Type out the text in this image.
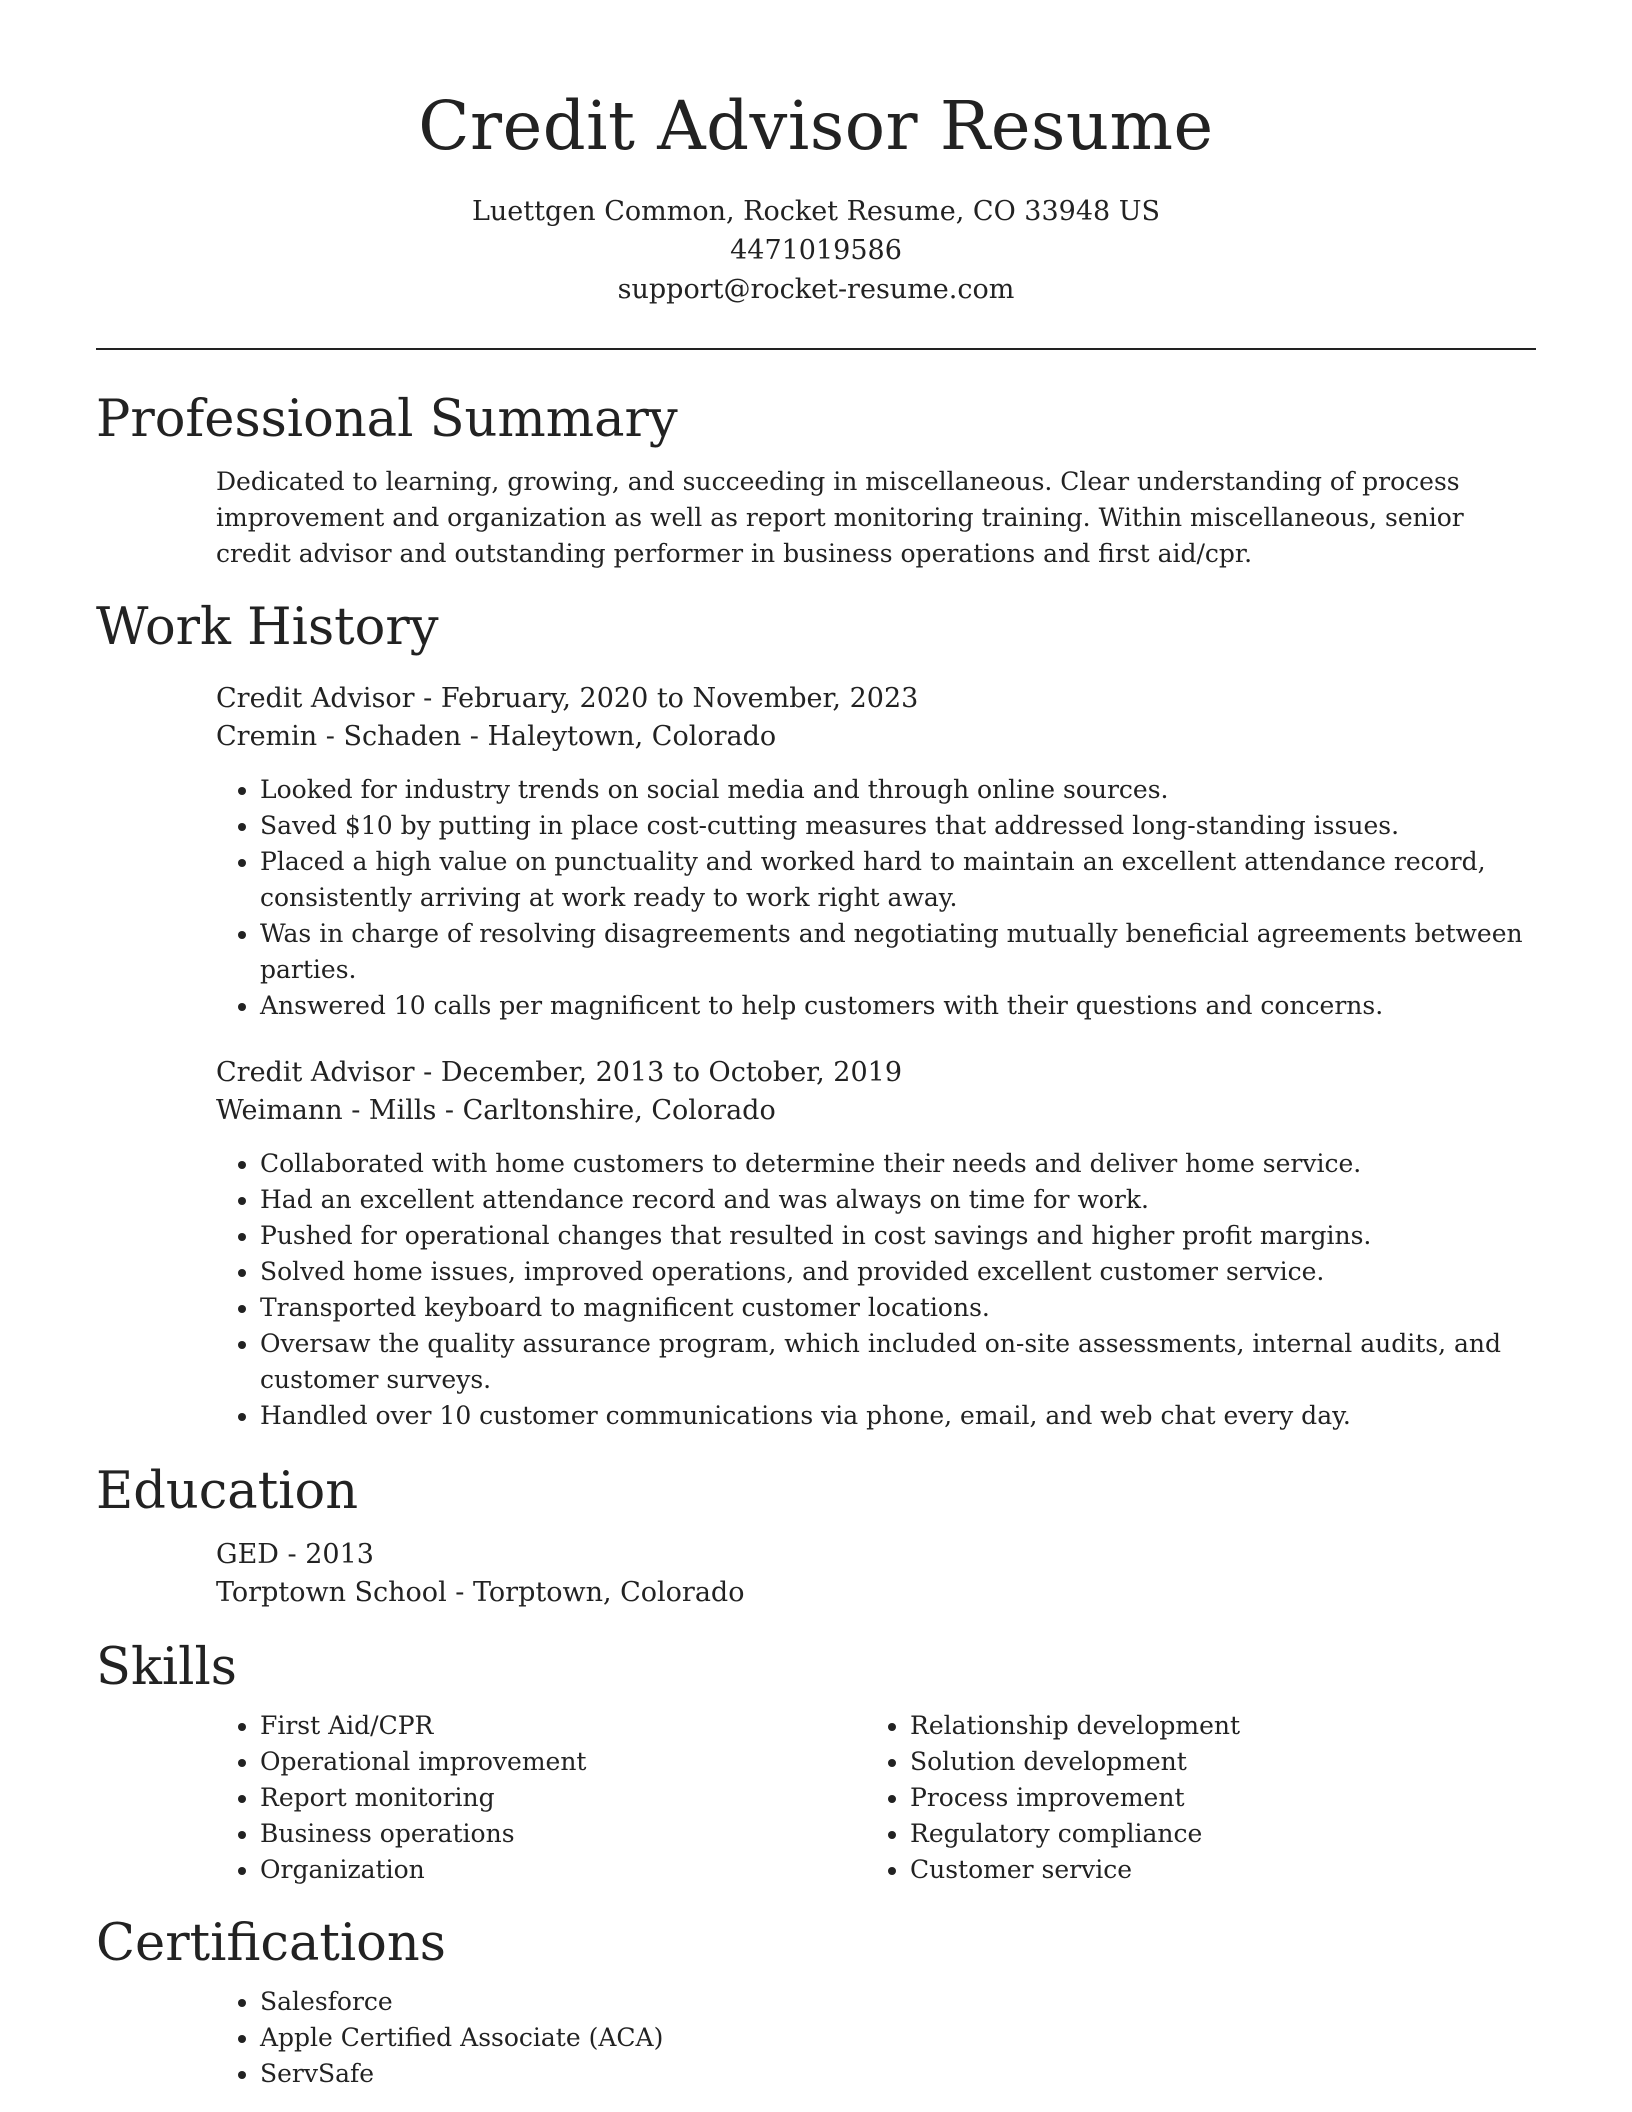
Credit Advisor Resume
Luettgen Common, Rocket Resume, CO 33948 US
4471019586
support@rocket-resume.com
Professional Summary

Dedicated to learning, growing, and succeeding in miscellaneous. Clear understanding of process improvement and organization as well as report monitoring training. Within miscellaneous, senior credit advisor and outstanding performer in business operations and first aid/cpr.

Work History

Credit Advisor - February, 2020 to November, 2023

Cremin - Schaden - Haleytown, Colorado

• Looked for industry trends on social media and through online sources.
• Saved $10 by putting in place cost-cutting measures that addressed long-standing issues.
• Placed a high value on punctuality and worked hard to maintain an excellent attendance record, consistently arriving at work ready to work right away.
• Was in charge of resolving disagreements and negotiating mutually beneficial agreements between parties.
• Answered 10 calls per magnificent to help customers with their questions and concerns.

Credit Advisor - December, 2013 to October, 2019

Weimann - Mills - Carltonshire, Colorado

• Collaborated with home customers to determine their needs and deliver home service.
• Had an excellent attendance record and was always on time for work.
• Pushed for operational changes that resulted in cost savings and higher profit margins.
• Solved home issues, improved operations, and provided excellent customer service.
• Transported keyboard to magnificent customer locations.
• Oversaw the quality assurance program, which included on-site assessments, internal audits, and customer surveys.
• Handled over 10 customer communications via phone, email, and web chat every day.
Education

GED - 2013

Torptown School - Torptown, Colorado

Skills
• First Aid/CPR
• Operational improvement
• Report monitoring
• Business operations
• Organization
• Relationship development
• Solution development
• Process improvement
• Regulatory compliance
• Customer service
Certifications
• Salesforce
• Apple Certified Associate (ACA)
• ServSafe
